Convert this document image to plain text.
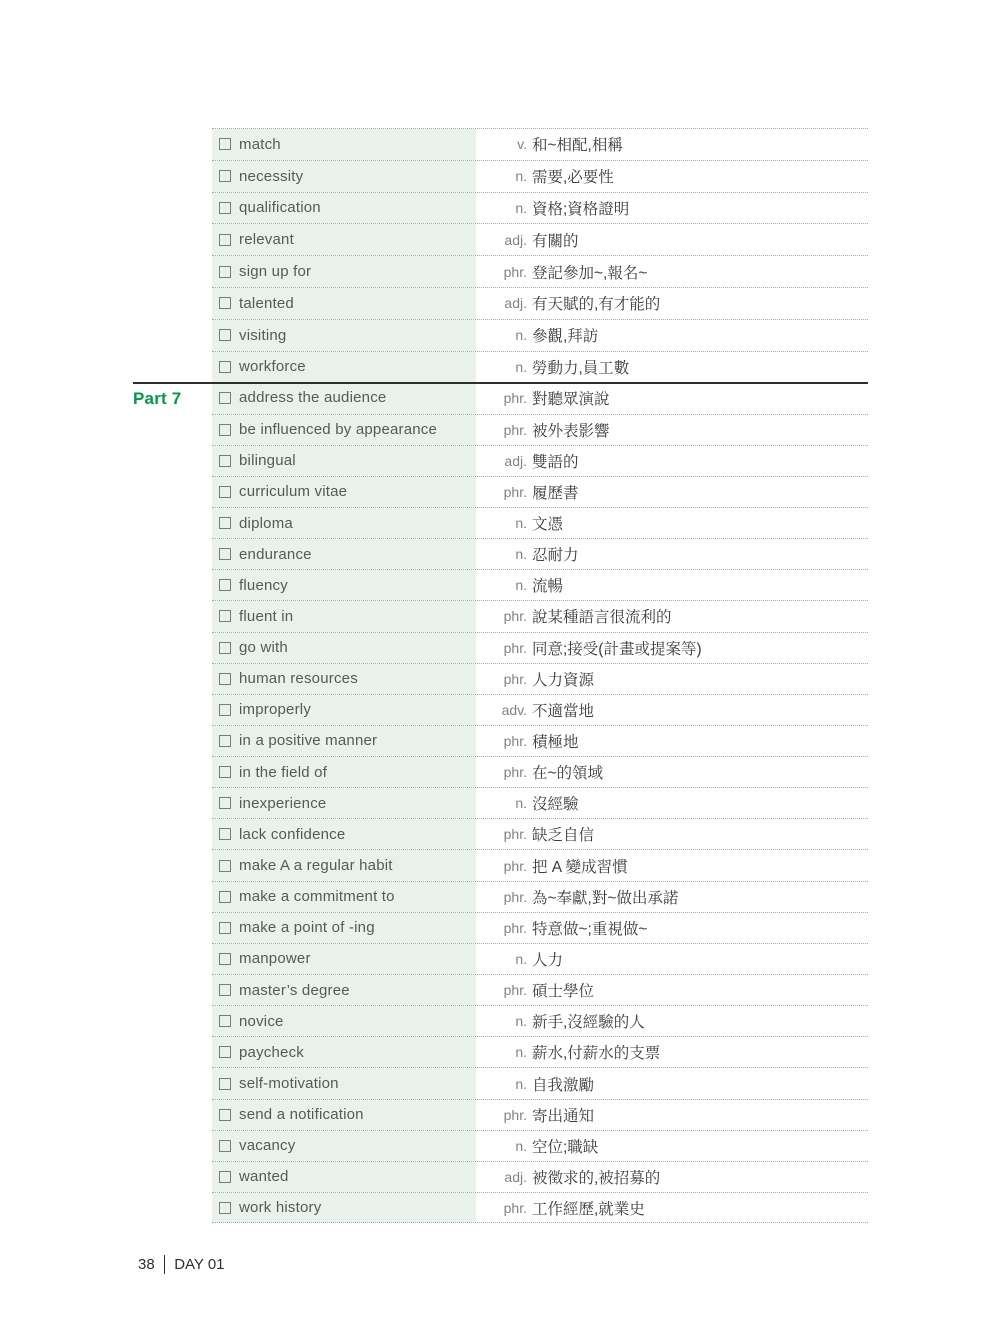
match	v. 和~相配,相稱
necessity	n. 需要,必要性
qualification	n. 資格;資格證明
relevant	adj. 有關的
sign up for	phr. 登記參加~,報名~
talented	adj. 有天賦的,有才能的
visiting	n. 參觀,拜訪
workforce	n. 勞動力,員工數
address the audience	phr. 對聽眾演說
be influenced by appearance	phr. 被外表影響
bilingual	adj. 雙語的
curriculum vitae	phr. 履歷書
diploma	n. 文憑
endurance	n. 忍耐力
fluency	n. 流暢
fluent in	phr. 說某種語言很流利的
go with	phr. 同意;接受(計畫或提案等)
human resources	phr. 人力資源
improperly	adv. 不適當地
in a positive manner	phr. 積極地
in the field of	phr. 在~的領域
inexperience	n. 沒經驗
lack confidence	phr. 缺乏自信
make A a regular habit	phr. 把 A 變成習慣
make a commitment to	phr. 為~奉獻,對~做出承諾
make a point of -ing	phr. 特意做~;重視做~
manpower	n. 人力
master’s degree	phr. 碩士學位
novice	n. 新手,沒經驗的人
paycheck	n. 薪水,付薪水的支票
self-motivation	n. 自我激勵
send a notification	phr. 寄出通知
vacancy	n. 空位;職缺
wanted	adj. 被徵求的,被招募的
work history	phr. 工作經歷,就業史
Part 7
38 DAY 01
